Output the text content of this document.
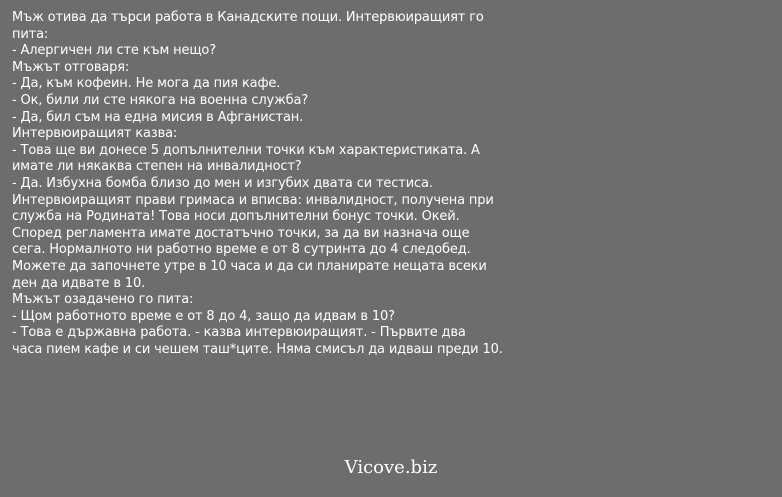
Мъж отива да търси работа в Канадските пощи. Интервюиращият го
пита:
- Алергичен ли сте към нещо?
Мъжът отговаря:
- Да, към кофеин. Не мога да пия кафе.
- Ок, били ли сте някога на военна служба?
- Да, бил съм на една мисия в Афганистан.
Интервюиращият казва:
- Това ще ви донесе 5 допълнителни точки към характеристиката. А
имате ли някаква степен на инвалидност?
- Да. Избухна бомба близо до мен и изгубих двата си тестиса.
Интервюиращият прави гримаса и вписва: инвалидност, получена при
служба на Родината! Това носи допълнителни бонус точки. Окей.
Според регламента имате достатъчно точки, за да ви назнача още
сега. Нормалното ни работно време е от 8 сутринта до 4 следобед.
Можете да започнете утре в 10 часа и да си планирате нещата всеки
ден да идвате в 10.
Мъжът озадачено го пита:
- Щом работното време е от 8 до 4, защо да идвам в 10?
- Това е държавна работа. - казва интервюиращият. - Първите два
часа пием кафе и си чешем таш*ците. Няма смисъл да идваш преди 10.
Vicove.biz
